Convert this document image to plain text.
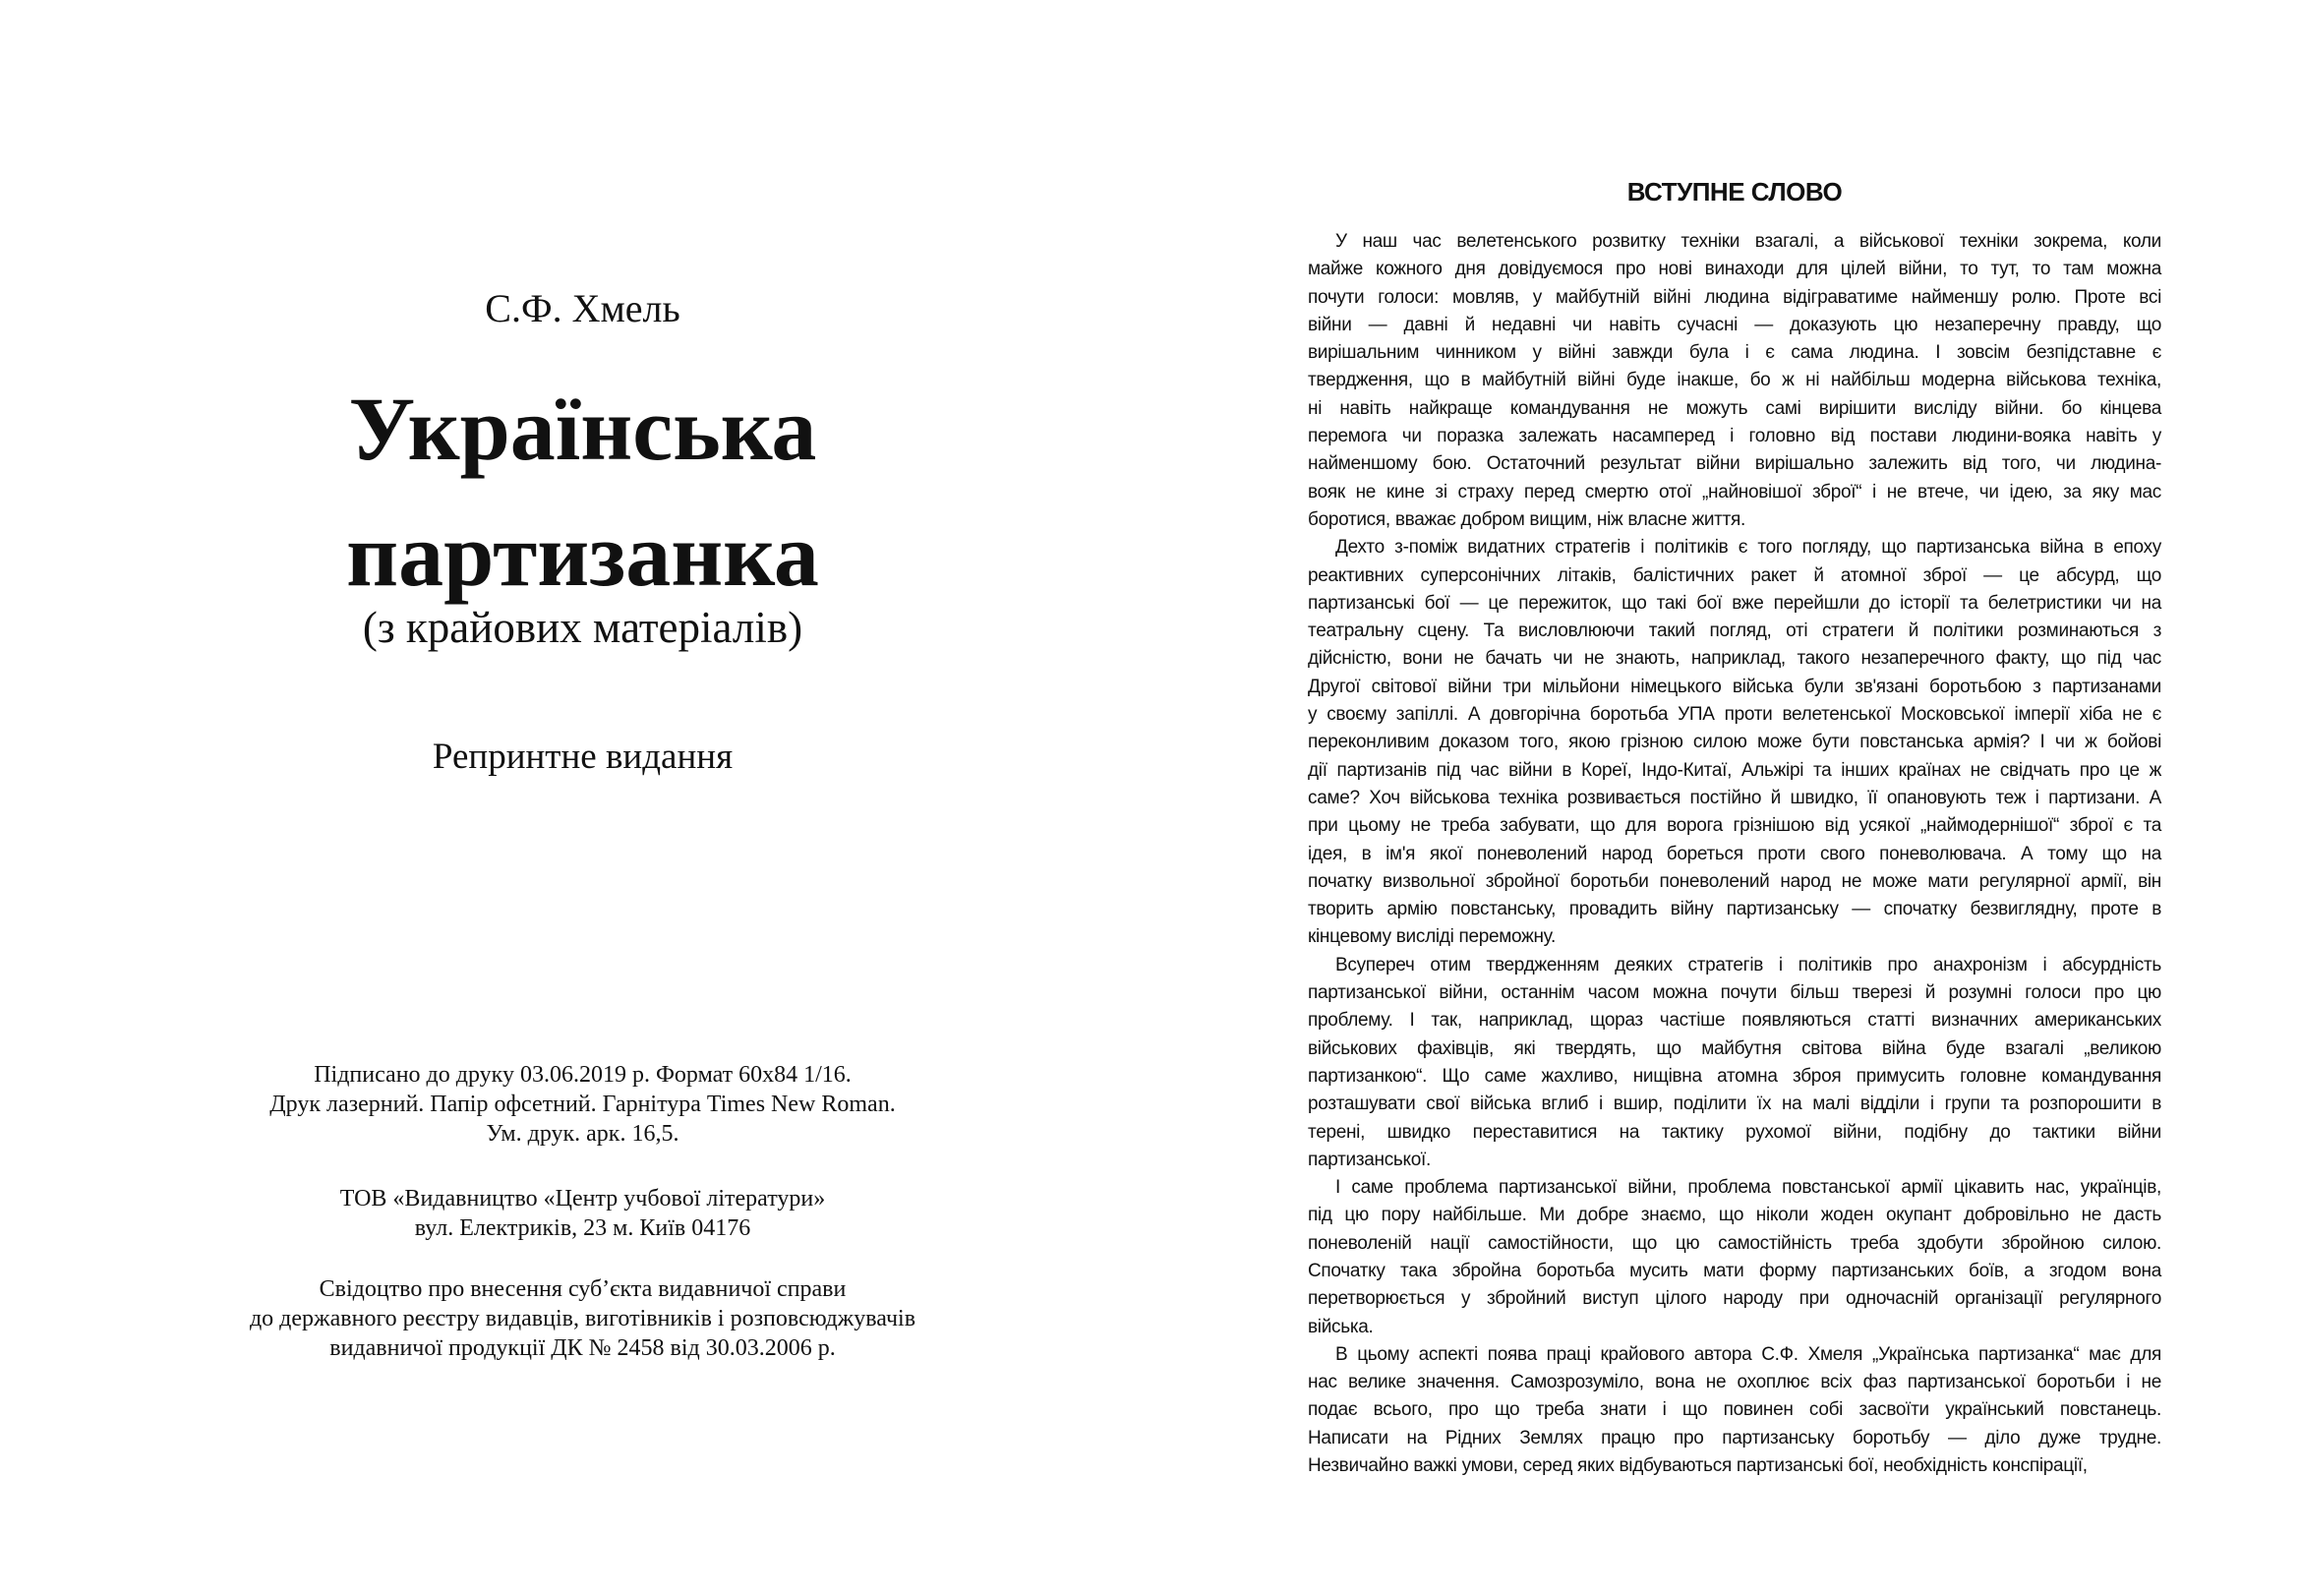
С.Ф. Хмель
Українська
партизанка
(з крайових матеріалів)
Репринтне видання
Підписано до друку 03.06.2019 р. Формат 60x84 1/16.
Друк лазерний. Папір офсетний. Гарнітура Times New Roman.
Ум. друк. арк. 16,5.
ТОВ «Видавництво «Центр учбової літератури»
вул. Електриків, 23 м. Київ 04176
Свідоцтво про внесення суб’єкта видавничої справи
до державного реєстру видавців, виготівників і розповсюджувачів
видавничої продукції ДК № 2458 від 30.03.2006 р.
ВСТУПНЕ СЛОВО
У наш час велетенського розвитку техніки взагалі, а військової техніки зокрема, коли
майже кожного дня довідуємося про нові винаходи для цілей війни, то тут, то там можна
почути голоси: мовляв, у майбутній війні людина відіграватиме найменшу ролю. Проте всі
війни — давні й недавні чи навіть сучасні — доказують цю незаперечну правду, що
вирішальним чинником у війні завжди була і є сама людина. І зовсім безпідставне є
твердження, що в майбутній війні буде інакше, бо ж ні найбільш модерна військова техніка,
ні навіть найкраще командування не можуть самі вирішити висліду війни. бо кінцева
перемога чи поразка залежать насамперед і головно від постави людини-вояка навіть у
найменшому бою. Остаточний результат війни вирішально залежить від того, чи людина-
вояк не кине зі страху перед смертю отої „найновішої зброї“ і не втече, чи ідею, за яку мас
боротися, вважає добром вищим, ніж власне життя.
Дехто з-поміж видатних стратегів і політиків є того погляду, що партизанська війна в епоху
реактивних суперсонічних літаків, балістичних ракет й атомної зброї — це абсурд, що
партизанські бої — це пережиток, що такі бої вже перейшли до історії та белетристики чи на
театральну сцену. Та висловлюючи такий погляд, оті стратеги й політики розминаються з
дійсністю, вони не бачать чи не знають, наприклад, такого незаперечного факту, що під час
Другої світової війни три мільйони німецького війська були зв'язані боротьбою з партизанами
у своєму запіллі. А довгорічна боротьба УПА проти велетенської Московської імперії хіба не є
переконливим доказом того, якою грізною силою може бути повстанська армія? І чи ж бойові
дії партизанів під час війни в Кореї, Індо-Китаї, Альжірі та інших країнах не свідчать про це ж
саме? Хоч військова техніка розвивається постійно й швидко, її опановують теж і партизани. А
при цьому не треба забувати, що для ворога грізнішою від усякої „наймодернішої“ зброї є та
ідея, в ім'я якої поневолений народ бореться проти свого поневолювача. А тому що на
початку визвольної збройної боротьби поневолений народ не може мати регулярної армії, він
творить армію повстанську, провадить війну партизанську — спочатку безвиглядну, проте в
кінцевому висліді переможну.
Всупереч отим твердженням деяких стратегів і політиків про анахронізм і абсурдність
партизанської війни, останнім часом можна почути більш тверезі й розумні голоси про цю
проблему. І так, наприклад, щораз частіше появляються статті визначних американських
військових фахівців, які твердять, що майбутня світова війна буде взагалі „великою
партизанкою“. Що саме жахливо, нищівна атомна зброя примусить головне командування
розташувати свої війська вглиб і вшир, поділити їх на малі відділи і групи та розпорошити в
терені, швидко переставитися на тактику рухомої війни, подібну до тактики війни
партизанської.
І саме проблема партизанської війни, проблема повстанської армії цікавить нас, українців,
під цю пору найбільше. Ми добре знаємо, що ніколи жоден окупант добровільно не дасть
поневоленій нації самостійности, що цю самостійність треба здобути збройною силою.
Спочатку така збройна боротьба мусить мати форму партизанських боїв, а згодом вона
перетворюється у збройний виступ цілого народу при одночасній організації регулярного
війська.
В цьому аспекті поява праці крайового автора С.Ф. Хмеля „Українська партизанка“ має для
нас велике значення. Самозрозуміло, вона не охоплює всіх фаз партизанської боротьби і не
подає всього, про що треба знати і що повинен собі засвоїти український повстанець.
Написати на Рідних Землях працю про партизанську боротьбу — діло дуже трудне.
Незвичайно важкі умови, серед яких відбуваються партизанські бої, необхідність конспірації,
